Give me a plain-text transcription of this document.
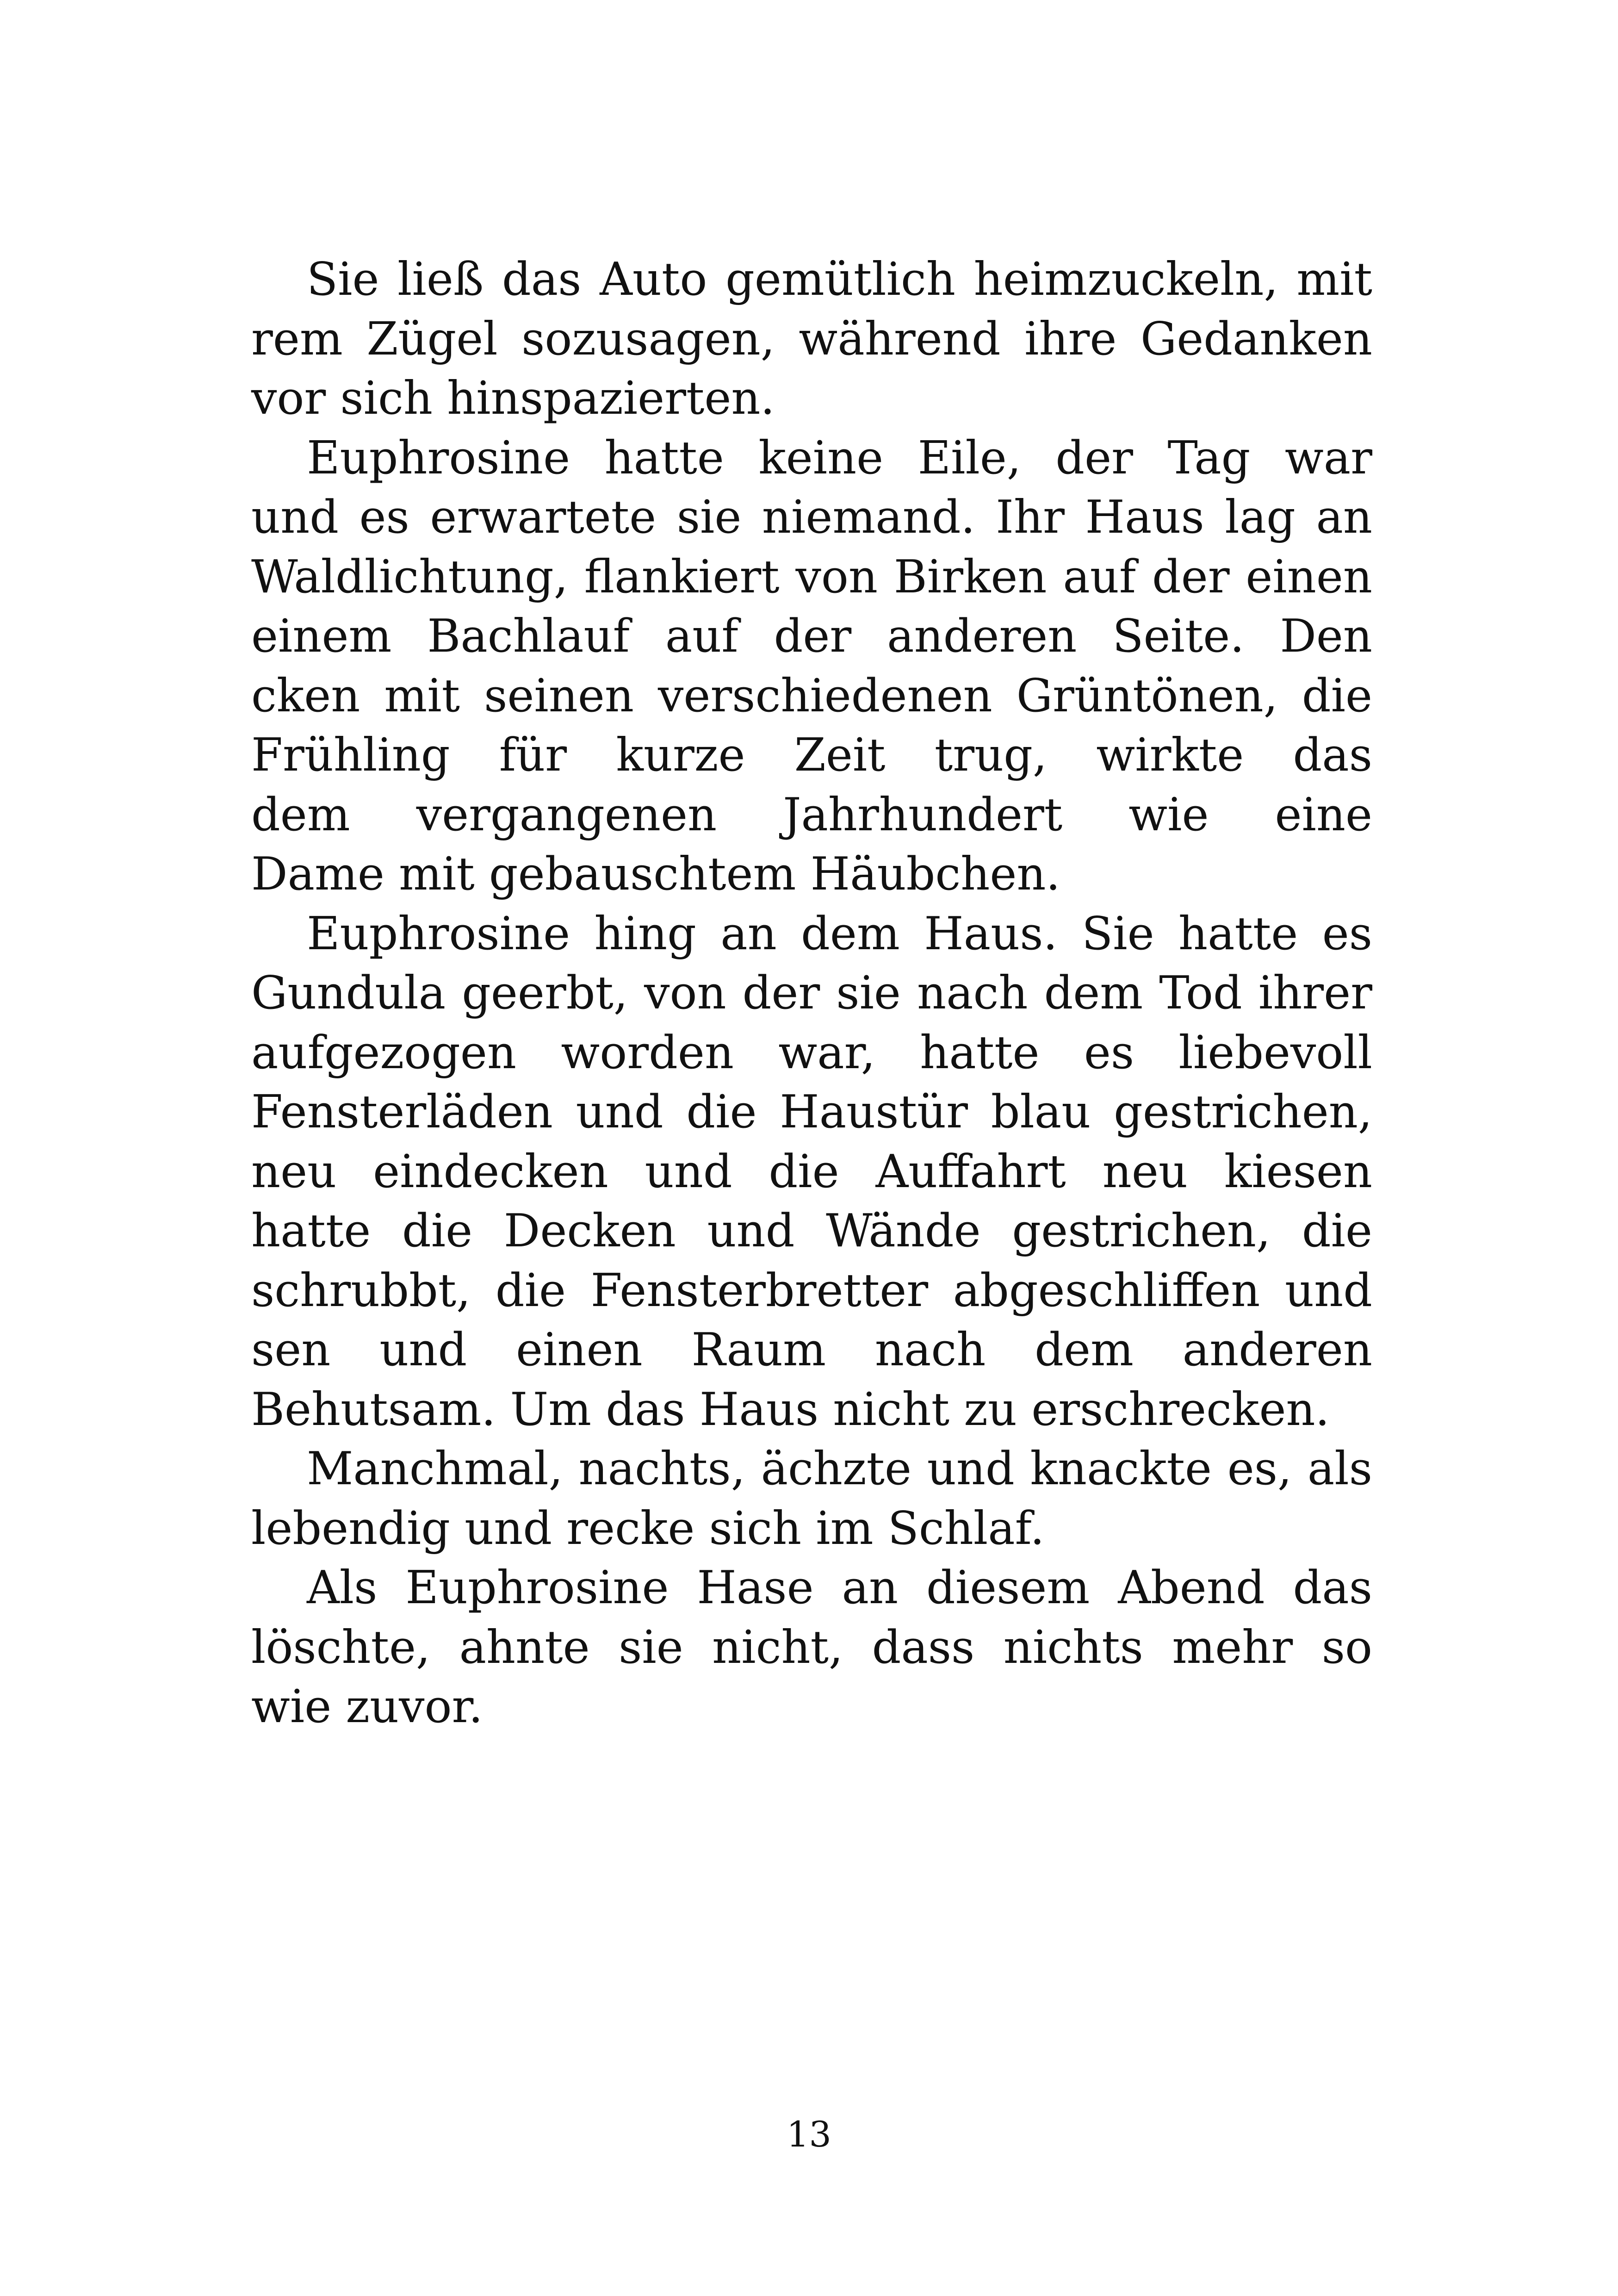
Sie ließ das Auto gemütlich heimzuckeln, mit
rem Zügel sozusagen, während ihre Gedanken
vor sich hinspazierten.
Euphrosine hatte keine Eile, der Tag war
und es erwartete sie niemand. Ihr Haus lag an
Waldlichtung, flankiert von Birken auf der einen
einem Bachlauf auf der anderen Seite. Den
cken mit seinen verschiedenen Grüntönen, die
Frühling für kurze Zeit trug, wirkte das
dem vergangenen Jahrhundert wie eine
Dame mit gebauschtem Häubchen.
Euphrosine hing an dem Haus. Sie hatte es
Gundula geerbt, von der sie nach dem Tod ihrer
aufgezogen worden war, hatte es liebevoll
Fensterläden und die Haustür blau gestrichen,
neu eindecken und die Auffahrt neu kiesen
hatte die Decken und Wände gestrichen, die
schrubbt, die Fensterbretter abgeschliffen und
sen und einen Raum nach dem anderen
Behutsam. Um das Haus nicht zu erschrecken.
Manchmal, nachts, ächzte und knackte es, als
lebendig und recke sich im Schlaf.
Als Euphrosine Hase an diesem Abend das
löschte, ahnte sie nicht, dass nichts mehr so
wie zuvor.
13
